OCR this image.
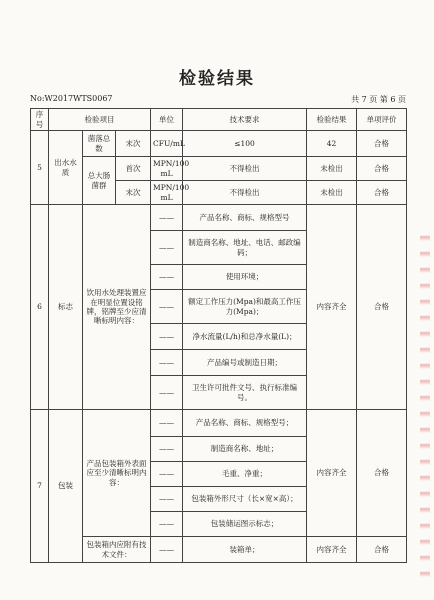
检验结果
No:W2017WTS0067	共 7 页 第 6 页
序号	检验项目			单位	技术要求	检验结果	单项评价
5	出水水质	菌落总数	末次	CFU/mL	≤100	42	合格
		总大肠菌群	首次	MPN/100 mL	不得检出	未检出	合格
			末次	MPN/100 mL	不得检出	未检出	合格
6	标志	饮用水处理装置应在明显位置设铭牌，铭牌至少应清晰标明内容：		——	产品名称、商标、规格型号	内容齐全	合格
				——	制造商名称、地址、电话、邮政编码；		
				——	使用环境；		
				——	额定工作压力(Mpa)和最高工作压力(Mpa)；		
				——	净水流量(L/h)和总净水量(L)；		
				——	产品编号或制造日期；		
				——	卫生许可批件文号、执行标准编号。		
7	包装	产品包装箱外表面应至少清晰标明内容：		——	产品名称、商标、规格型号；	内容齐全	合格
				——	制造商名称、地址；		
				——	毛重、净重；		
				——	包装箱外形尺寸（长×宽×高）；		
				——	包装储运图示标志；		
		包装箱内应附有技术文件：		——	装箱单；	内容齐全	合格
